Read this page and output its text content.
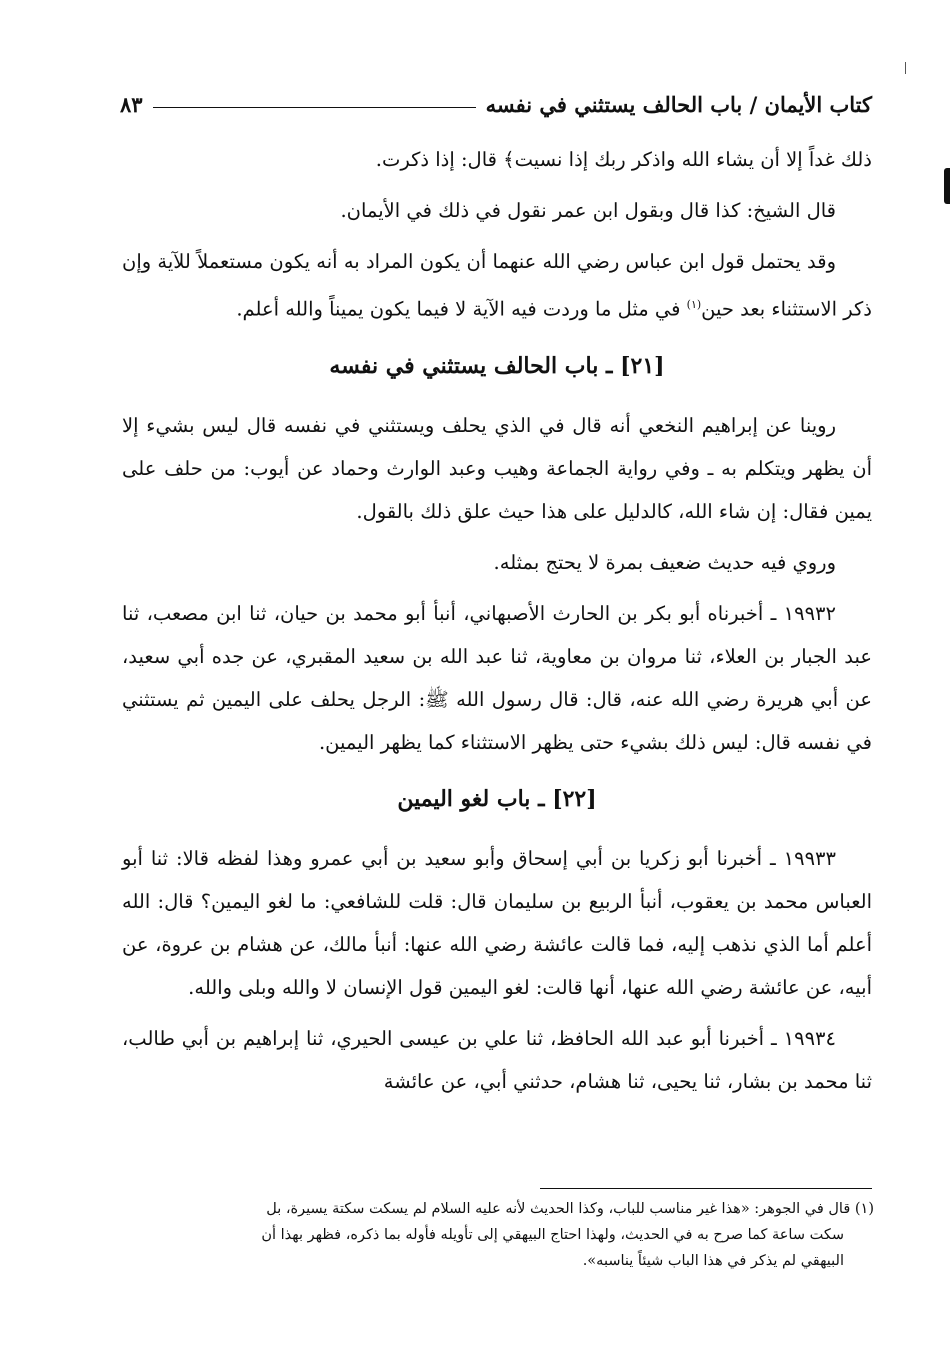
كتاب الأيمان / باب الحالف يستثني في نفسه
٨٣

ذلك غداً إلا أن يشاء الله واذكر ربك إذا نسيت﴾ قال: إذا ذكرت.

قال الشيخ: كذا قال وبقول ابن عمر نقول في ذلك في الأيمان.

وقد يحتمل قول ابن عباس رضي الله عنهما أن يكون المراد به أنه يكون مستعملاً للآية وإن ذكر الاستثناء بعد حين$^{(١)}$ في مثل ما وردت فيه الآية لا فيما يكون يميناً والله أعلم.

[٢١] ـ باب الحالف يستثني في نفسه

روينا عن إبراهيم النخعي أنه قال في الذي يحلف ويستثني في نفسه قال ليس بشيء إلا أن يظهر ويتكلم به ـ وفي رواية الجماعة وهيب وعبد الوارث وحماد عن أيوب: من حلف على يمين فقال: إن شاء الله، كالدليل على هذا حيث علق ذلك بالقول.

وروي فيه حديث ضعيف بمرة لا يحتج بمثله.

١٩٩٣٢ ـ أخبرناه أبو بكر بن الحارث الأصبهاني، أنبأ أبو محمد بن حيان، ثنا ابن مصعب، ثنا عبد الجبار بن العلاء، ثنا مروان بن معاوية، ثنا عبد الله بن سعيد المقبري، عن جده أبي سعيد، عن أبي هريرة رضي الله عنه، قال: قال رسول الله ﷺ: الرجل يحلف على اليمين ثم يستثني في نفسه قال: ليس ذلك بشيء حتى يظهر الاستثناء كما يظهر اليمين.

[٢٢] ـ باب لغو اليمين

١٩٩٣٣ ـ أخبرنا أبو زكريا بن أبي إسحاق وأبو سعيد بن أبي عمرو وهذا لفظه قالا: ثنا أبو العباس محمد بن يعقوب، أنبأ الربيع بن سليمان قال: قلت للشافعي: ما لغو اليمين؟ قال: الله أعلم أما الذي نذهب إليه، فما قالت عائشة رضي الله عنها: أنبأ مالك، عن هشام بن عروة، عن أبيه، عن عائشة رضي الله عنها، أنها قالت: لغو اليمين قول الإنسان لا والله وبلى والله.

١٩٩٣٤ ـ أخبرنا أبو عبد الله الحافظ، ثنا علي بن عيسى الحيري، ثنا إبراهيم بن أبي طالب، ثنا محمد بن بشار، ثنا يحيى، ثنا هشام، حدثني أبي، عن عائشة

(١) قال في الجوهر: «هذا غير مناسب للباب، وكذا الحديث لأنه عليه السلام لم يسكت سكتة يسيرة، بل

سكت ساعة كما صرح به في الحديث، ولهذا احتاج البيهقي إلى تأويله فأوله بما ذكره، فظهر بهذا أن

البيهقي لم يذكر في هذا الباب شيئاً يناسبه».
